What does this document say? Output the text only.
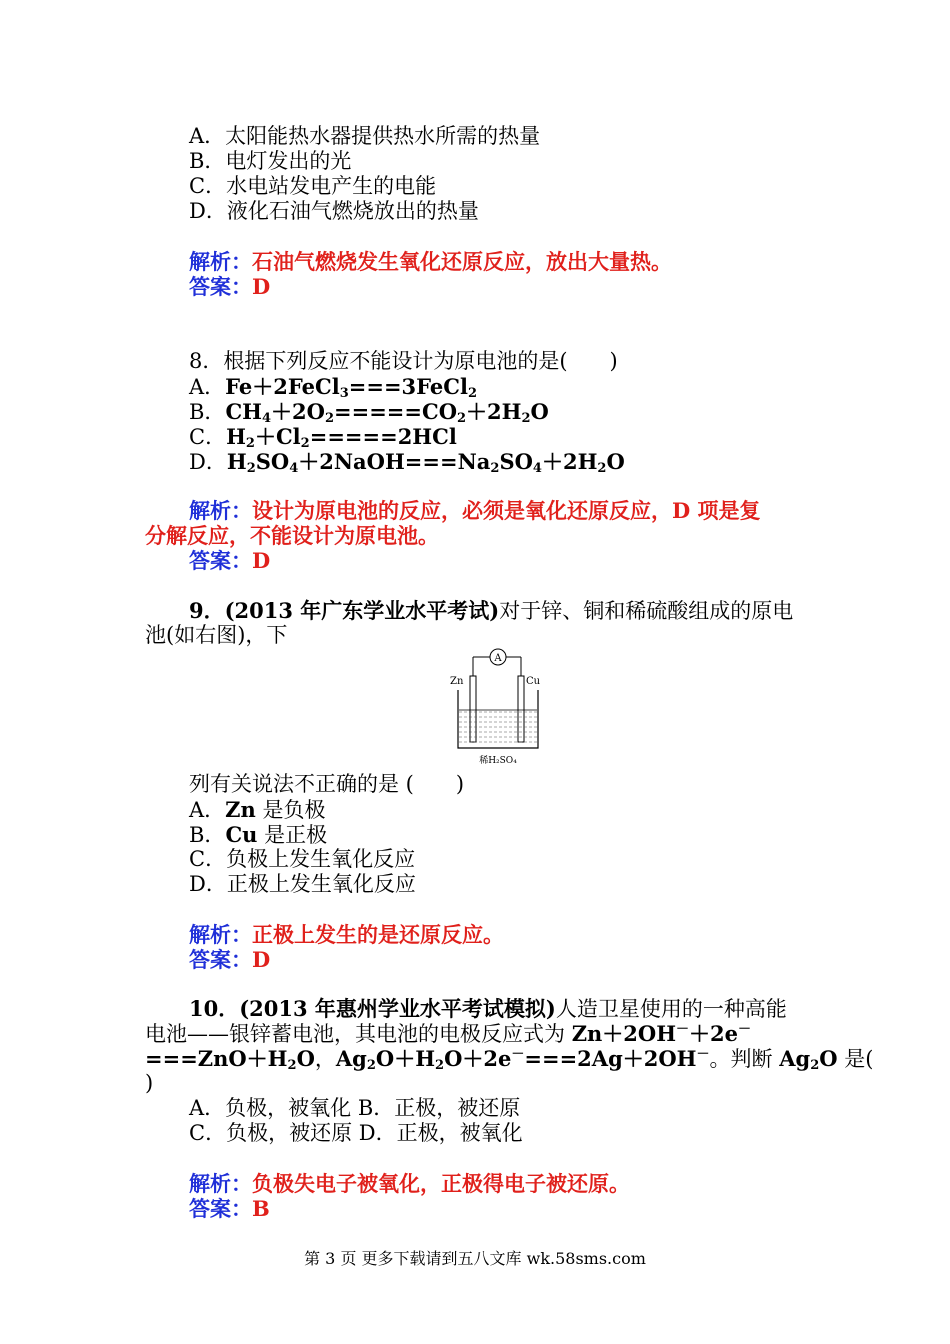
A．太阳能热水器提供热水所需的热量
B．电灯发出的光
C．水电站发电产生的电能
D．液化石油气燃烧放出的热量
解析：石油气燃烧发生氧化还原反应，放出大量热。
答案：D
8．根据下列反应不能设计为原电池的是(　　)
A．Fe＋2FeCl$_3$===3FeCl$_2$
B．$CH_4+2O_2=====CO_2+2H_2O$
C．$H_2+Cl_2=====2HCl$
D．$H_2SO_4+2NaOH===Na_2SO_4+2H_2O$
解析：设计为原电池的反应，必须是氧化还原反应，D 项是复
分解反应，不能设计为原电池。
答案：D
9．(2013 年广东学业水平考试)对于锌、铜和稀硫酸组成的原电
池(如右图)，下
A
Zn	Cu
稀H₂SO₄
列有关说法不正确的是 (　　)
A．Zn 是负极
B．Cu 是正极
C．负极上发生氧化反应
D．正极上发生氧化反应
解析：正极上发生的是还原反应。
答案：D
10．(2013 年惠州学业水平考试模拟)人造卫星使用的一种高能
电池——银锌蓄电池，其电池的电极反应式为 Zn＋2OH－＋2e－
$===ZnO+H_2O$，$Ag_2O+H_2O+2e^-===2Ag+2OH^-$。判断 $Ag_2O$ 是(
)
A．负极，被氧化 B．正极，被还原
C．负极，被还原 D．正极，被氧化
解析：负极失电子被氧化，正极得电子被还原。
答案：B
第 3 页 更多下载请到五八文库 wk.58sms.com
